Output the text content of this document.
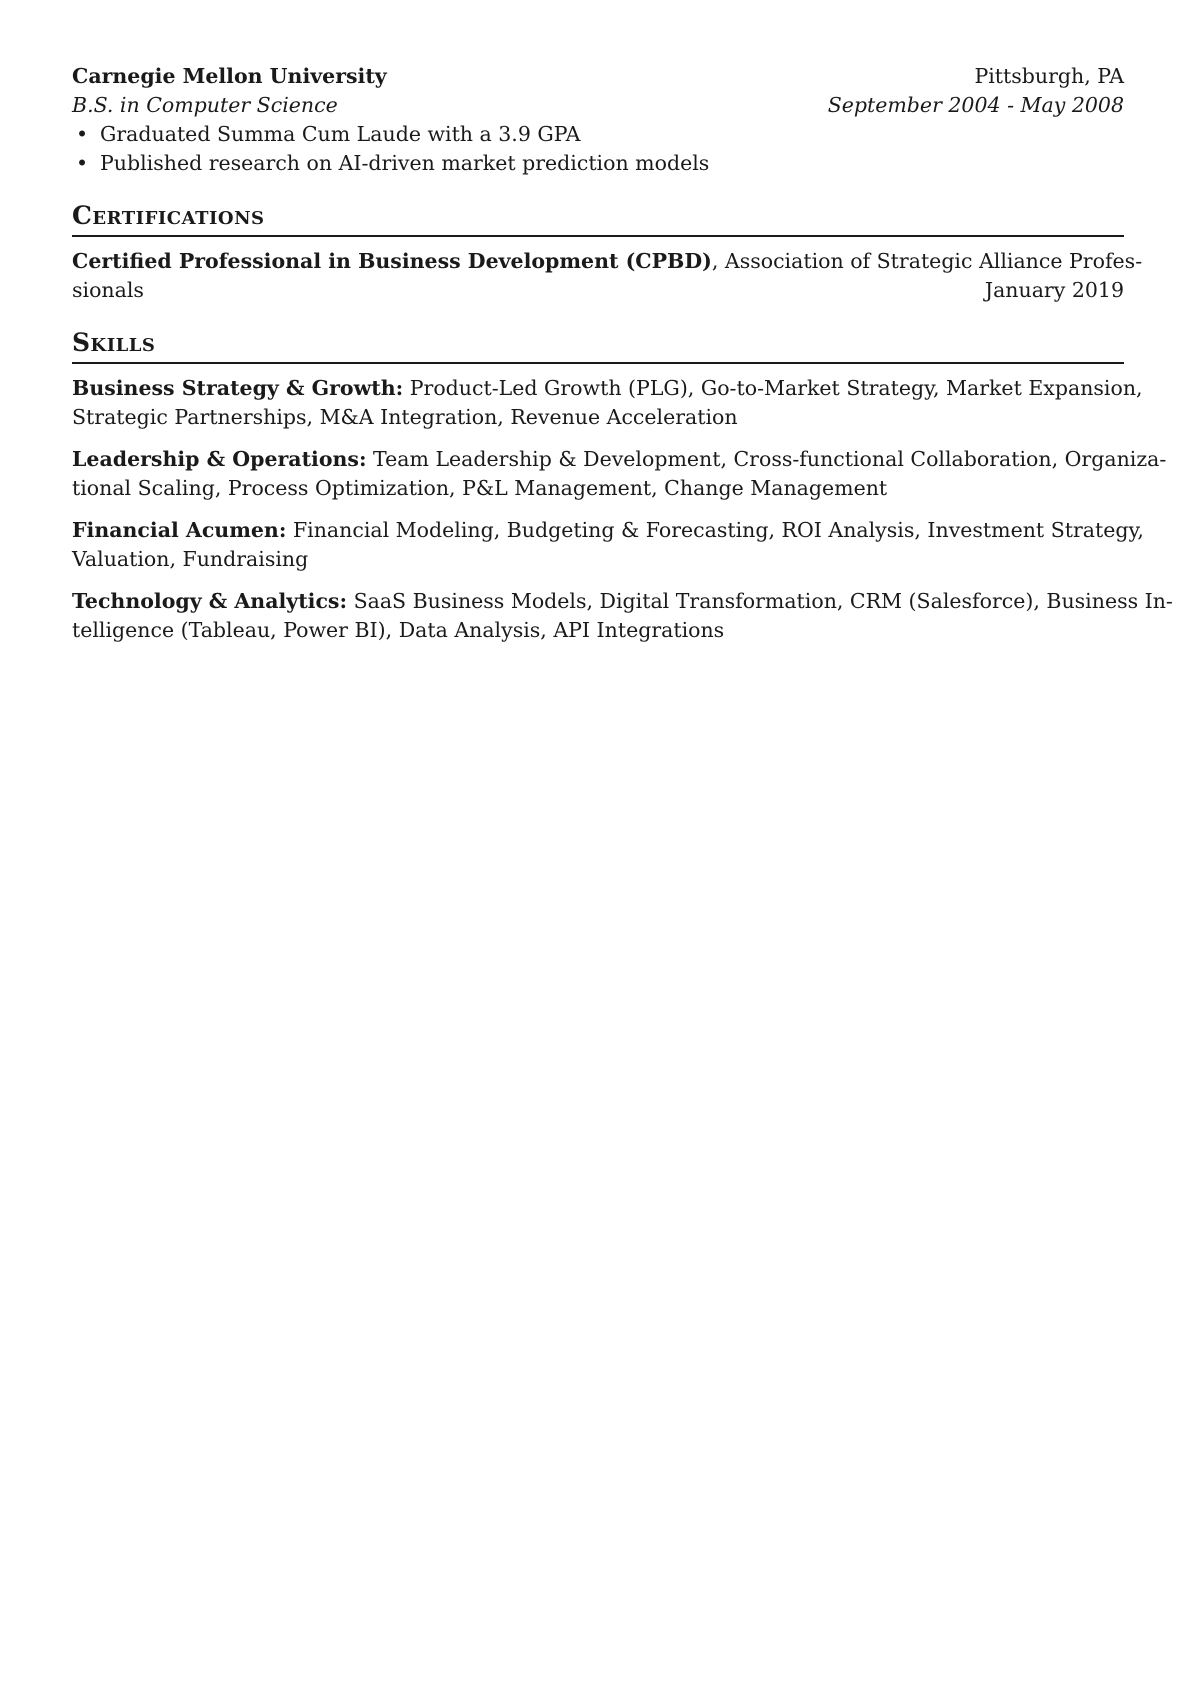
Carnegie Mellon University	Pittsburgh, PA
B.S. in Computer Science	September 2004 - May 2008
• Graduated Summa Cum Laude with a 3.9 GPA
• Published research on AI-driven market prediction models
Certifications
Certified Professional in Business Development (CPBD), Association of Strategic Alliance Profes-
sionals	January 2019
Skills
Business Strategy & Growth: Product-Led Growth (PLG), Go-to-Market Strategy, Market Expansion,
Strategic Partnerships, M&A Integration, Revenue Acceleration
Leadership & Operations: Team Leadership & Development, Cross-functional Collaboration, Organiza-
tional Scaling, Process Optimization, P&L Management, Change Management
Financial Acumen: Financial Modeling, Budgeting & Forecasting, ROI Analysis, Investment Strategy,
Valuation, Fundraising
Technology & Analytics: SaaS Business Models, Digital Transformation, CRM (Salesforce), Business In-
telligence (Tableau, Power BI), Data Analysis, API Integrations
